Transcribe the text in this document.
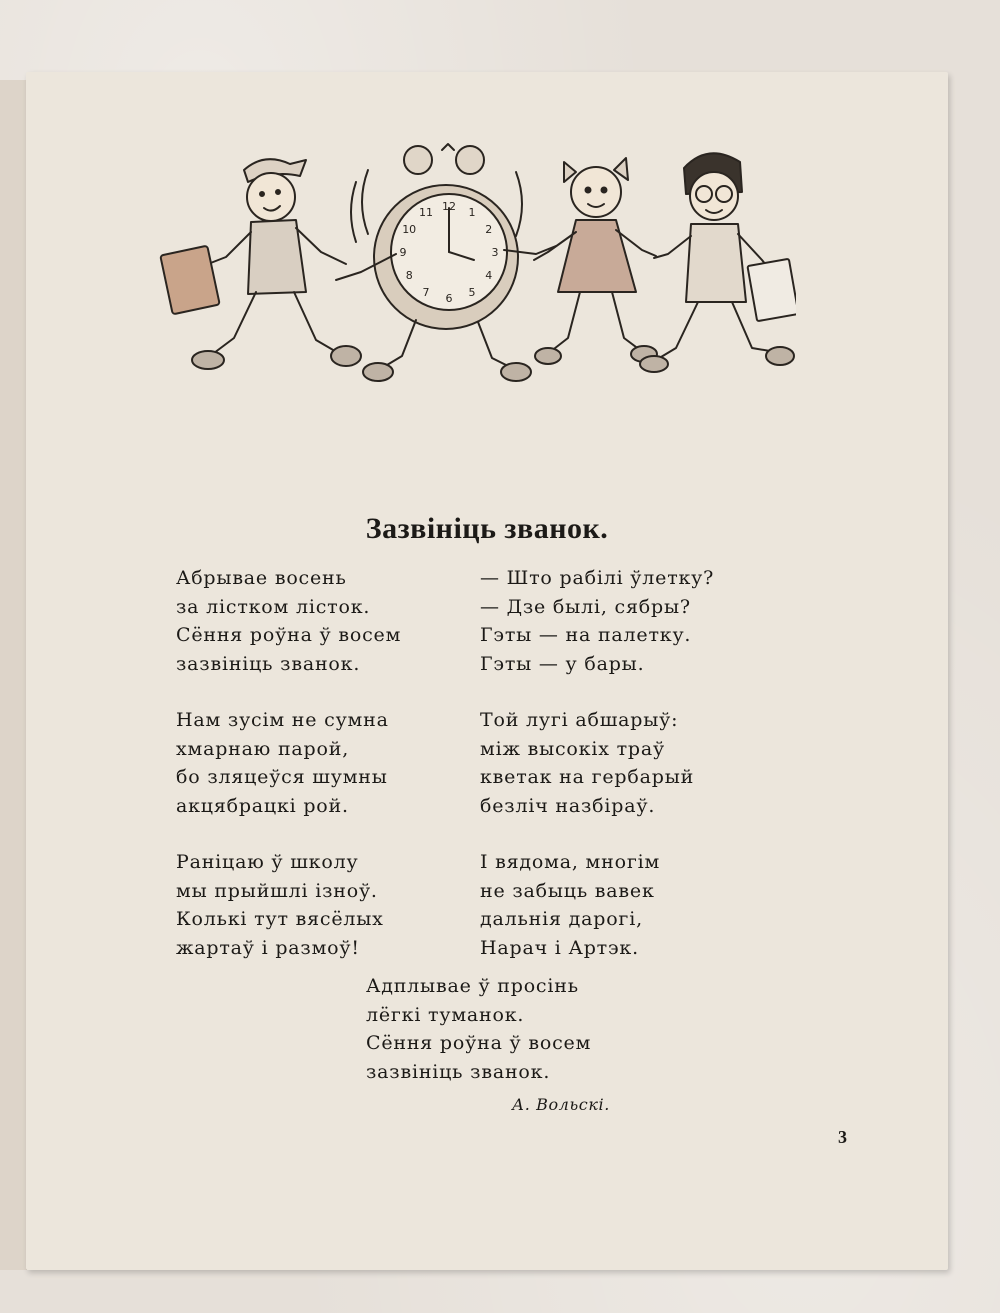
12 1
2
3
4
5
6
7
8
9
10
11
Зазвініць званок.
Абрывае восень
за лістком лісток.
Сёння роўна ў восем
зазвініць званок.
Нам зусім не сумна
хмарнаю парой,
бо зляцеўся шумны
акцябрацкі рой.
Раніцаю ў школу
мы прыйшлі ізноў.
Колькі тут вясёлых
жартаў і размоў!
— Што рабілі ўлетку?
— Дзе былі, сябры?
Гэты — на палетку.
Гэты — у бары.
Той лугі абшарыў:
між высокіх траў
кветак на гербарый
безліч назбіраў.
І вядома, многім
не забыць вавек
дальнія дарогі,
Нарач і Артэк.
Адплывае ў просінь
лёгкі туманок.
Сёння роўна ў восем
зазвініць званок.
А. Вольскі.
3
